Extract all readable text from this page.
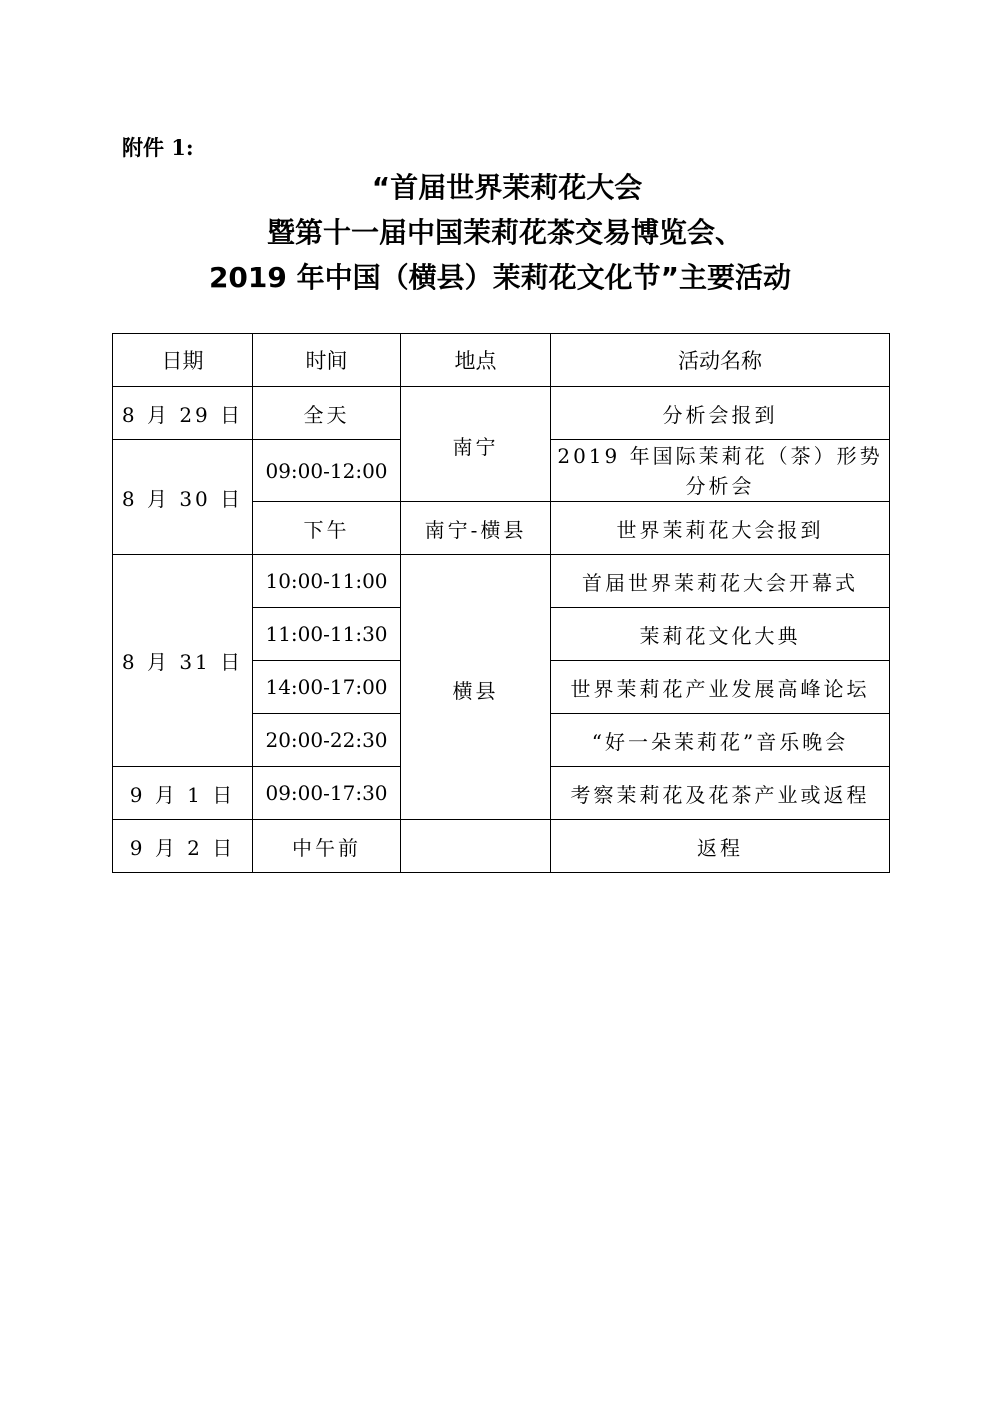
附件 1:
“首届世界茉莉花大会
暨第十一届中国茉莉花茶交易博览会、
2019 年中国（横县）茉莉花文化节”主要活动
日期	时间	地点	活动名称
8 月 29 日	全天	南宁	分析会报到
8 月 30 日	09:00-12:00		2019 年国际茉莉花（茶）形势分析会
	下午	南宁-横县	世界茉莉花大会报到
8 月 31 日	10:00-11:00	横县	首届世界茉莉花大会开幕式
	11:00-11:30		茉莉花文化大典
	14:00-17:00		世界茉莉花产业发展高峰论坛
	20:00-22:30		“好一朵茉莉花”音乐晚会
9 月 1 日	09:00-17:30		考察茉莉花及花茶产业或返程
9 月 2 日	中午前		返程
